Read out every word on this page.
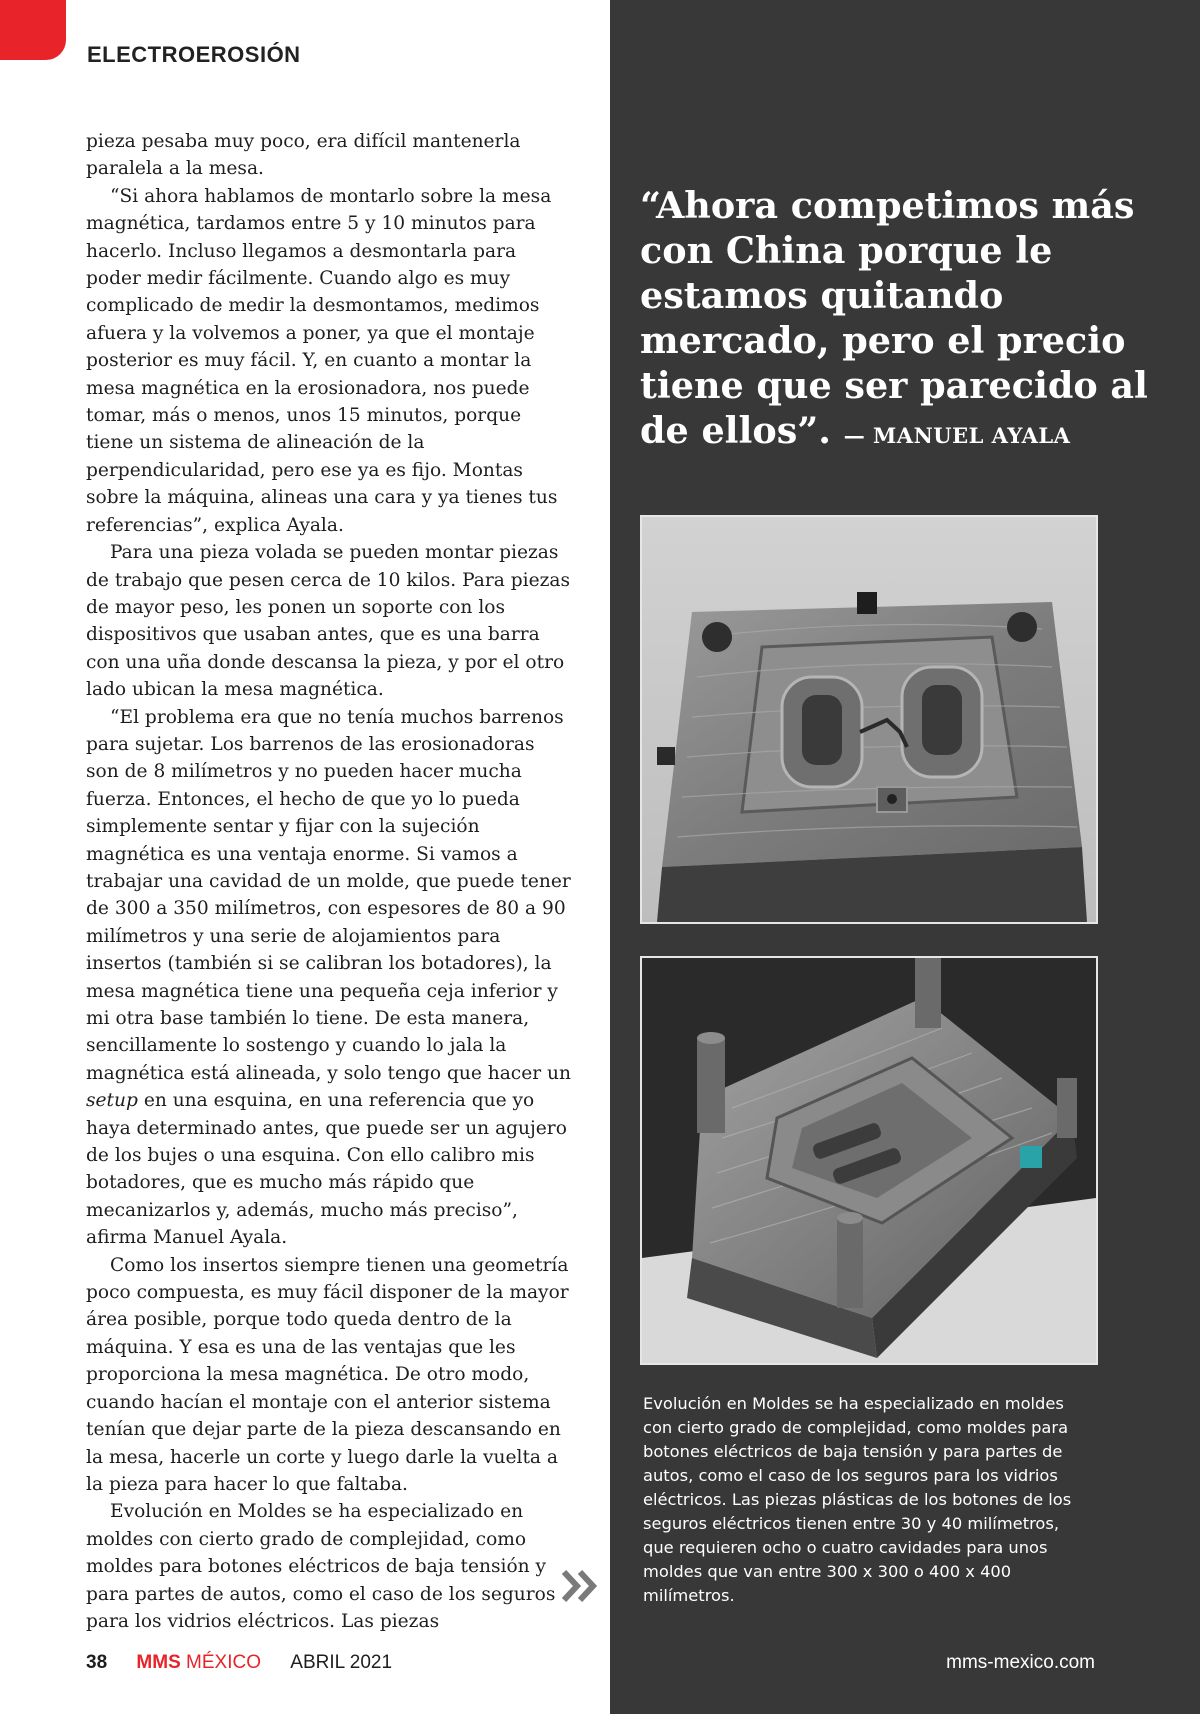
ELECTROEROSIÓN

pieza pesaba muy poco, era difícil mantenerla paralela a la mesa.

“Si ahora hablamos de montarlo sobre la mesa magnética, tardamos entre 5 y 10 minutos para hacerlo. Incluso llegamos a desmontarla para poder medir fácilmente. Cuando algo es muy complicado de medir la desmontamos, medimos afuera y la volvemos a poner, ya que el montaje posterior es muy fácil. Y, en cuanto a montar la mesa magnética en la erosionadora, nos puede tomar, más o menos, unos 15 minutos, porque tiene un sistema de alineación de la perpendicularidad, pero ese ya es fijo. Montas sobre la máquina, alineas una cara y ya tienes tus referencias”, explica Ayala.

Para una pieza volada se pueden montar piezas de trabajo que pesen cerca de 10 kilos. Para piezas de mayor peso, les ponen un soporte con los dispositivos que usaban antes, que es una barra con una uña donde descansa la pieza, y por el otro lado ubican la mesa magnética.

“El problema era que no tenía muchos barrenos para sujetar. Los barrenos de las erosionadoras son de 8 milímetros y no pueden hacer mucha fuerza. Entonces, el hecho de que yo lo pueda simplemente sentar y fijar con la sujeción magnética es una ventaja enorme. Si vamos a trabajar una cavidad de un molde, que puede tener de 300 a 350 milímetros, con espesores de 80 a 90 milímetros y una serie de alojamientos para insertos (también si se calibran los botadores), la mesa magnética tiene una pequeña ceja inferior y mi otra base también lo tiene. De esta manera, sencillamente lo sostengo y cuando lo jala la magnética está alineada, y solo tengo que hacer un setup en una esquina, en una referencia que yo haya determinado antes, que puede ser un agujero de los bujes o una esquina. Con ello calibro mis botadores, que es mucho más rápido que mecanizarlos y, además, mucho más preciso”, afirma Manuel Ayala.

Como los insertos siempre tienen una geometría poco compuesta, es muy fácil disponer de la mayor área posible, porque todo queda dentro de la máquina. Y esa es una de las ventajas que les proporciona la mesa magnética. De otro modo, cuando hacían el montaje con el anterior sistema tenían que dejar parte de la pieza descansando en la mesa, hacerle un corte y luego darle la vuelta a la pieza para hacer lo que faltaba.

Evolución en Moldes se ha especializado en moldes con cierto grado de complejidad, como moldes para botones eléctricos de baja tensión y para partes de autos, como el caso de los seguros para los vidrios eléctricos. Las piezas

“Ahora competimos más con China porque le estamos quitando mercado, pero el precio tiene que ser parecido al de ellos”. — MANUEL AYALA
Evolución en Moldes se ha especializado en moldes con cierto grado de complejidad, como moldes para botones eléctricos de baja tensión y para partes de autos, como el caso de los seguros para los vidrios eléctricos. Las piezas plásticas de los botones de los seguros eléctricos tienen entre 30 y 40 milímetros, que requieren ocho o cuatro cavidades para unos moldes que van entre 300 x 300 o 400 x 400 milímetros.
38 MMS MÉXICO ABRIL 2021	mms-mexico.com
